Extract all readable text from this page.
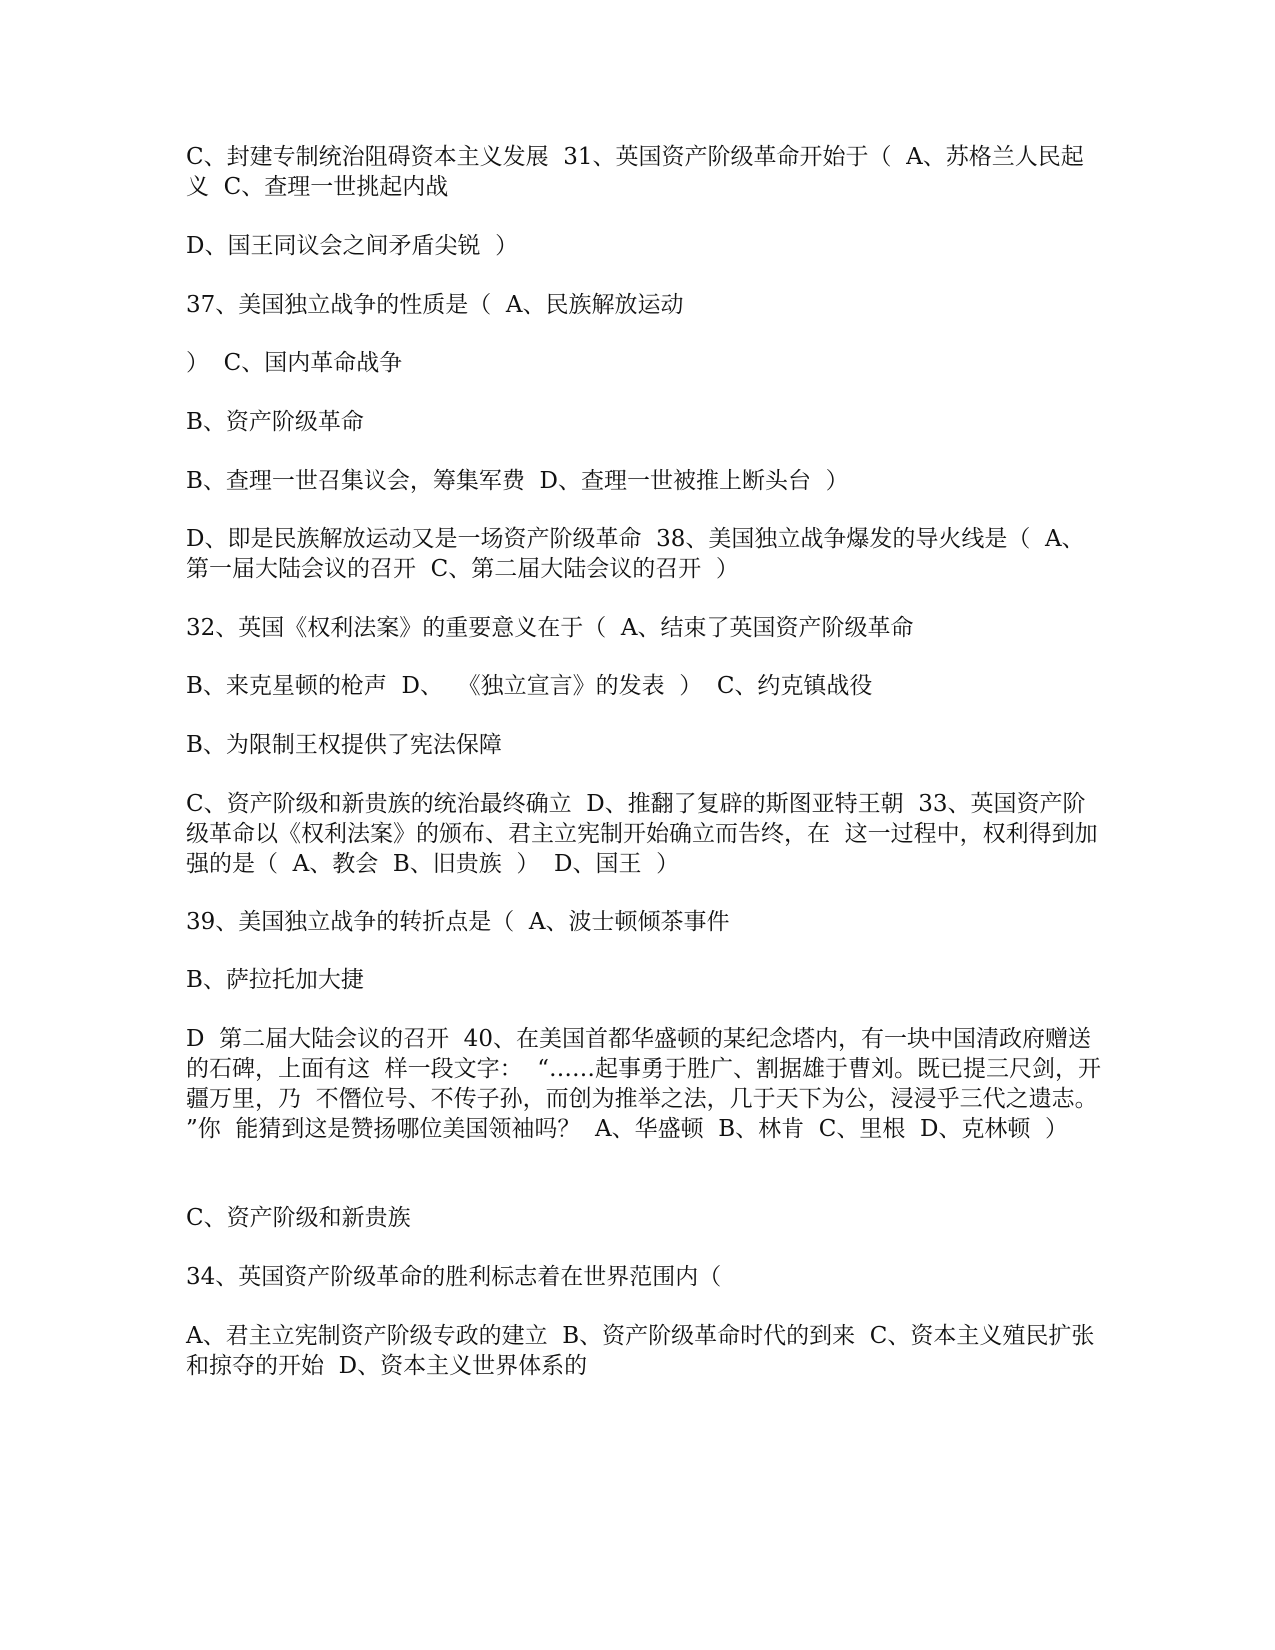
C、封建专制统治阻碍资本主义发展  31、英国资产阶级革命开始于（  A、苏格兰人民起义  C、查理一世挑起内战

D、国王同议会之间矛盾尖锐  ）

37、美国独立战争的性质是（  A、民族解放运动

）  C、国内革命战争

B、资产阶级革命

B、查理一世召集议会，筹集军费  D、查理一世被推上断头台  ）

D、即是民族解放运动又是一场资产阶级革命  38、美国独立战争爆发的导火线是（  A、第一届大陆会议的召开  C、第二届大陆会议的召开  ）

32、英国《权利法案》的重要意义在于（  A、结束了英国资产阶级革命

B、来克星顿的枪声  D、  《独立宣言》的发表  ）  C、约克镇战役

B、为限制王权提供了宪法保障

C、资产阶级和新贵族的统治最终确立  D、推翻了复辟的斯图亚特王朝  33、英国资产阶级革命以《权利法案》的颁布、君主立宪制开始确立而告终，在  这一过程中，权利得到加强的是（  A、教会  B、旧贵族  ）  D、国王  ）

39、美国独立战争的转折点是（  A、波士顿倾茶事件

B、萨拉托加大捷

D  第二届大陆会议的召开  40、在美国首都华盛顿的某纪念塔内，有一块中国清政府赠送的石碑，上面有这  样一段文字：  “……起事勇于胜广、割据雄于曹刘。既已提三尺剑，开疆万里，乃  不僭位号、不传子孙，而创为推举之法，几于天下为公，浸浸乎三代之遗志。  ”你  能猜到这是赞扬哪位美国领袖吗？  A、华盛顿  B、林肯  C、里根  D、克林顿  ）

C、资产阶级和新贵族

34、英国资产阶级革命的胜利标志着在世界范围内（

A、君主立宪制资产阶级专政的建立  B、资产阶级革命时代的到来  C、资本主义殖民扩张和掠夺的开始  D、资本主义世界体系的
